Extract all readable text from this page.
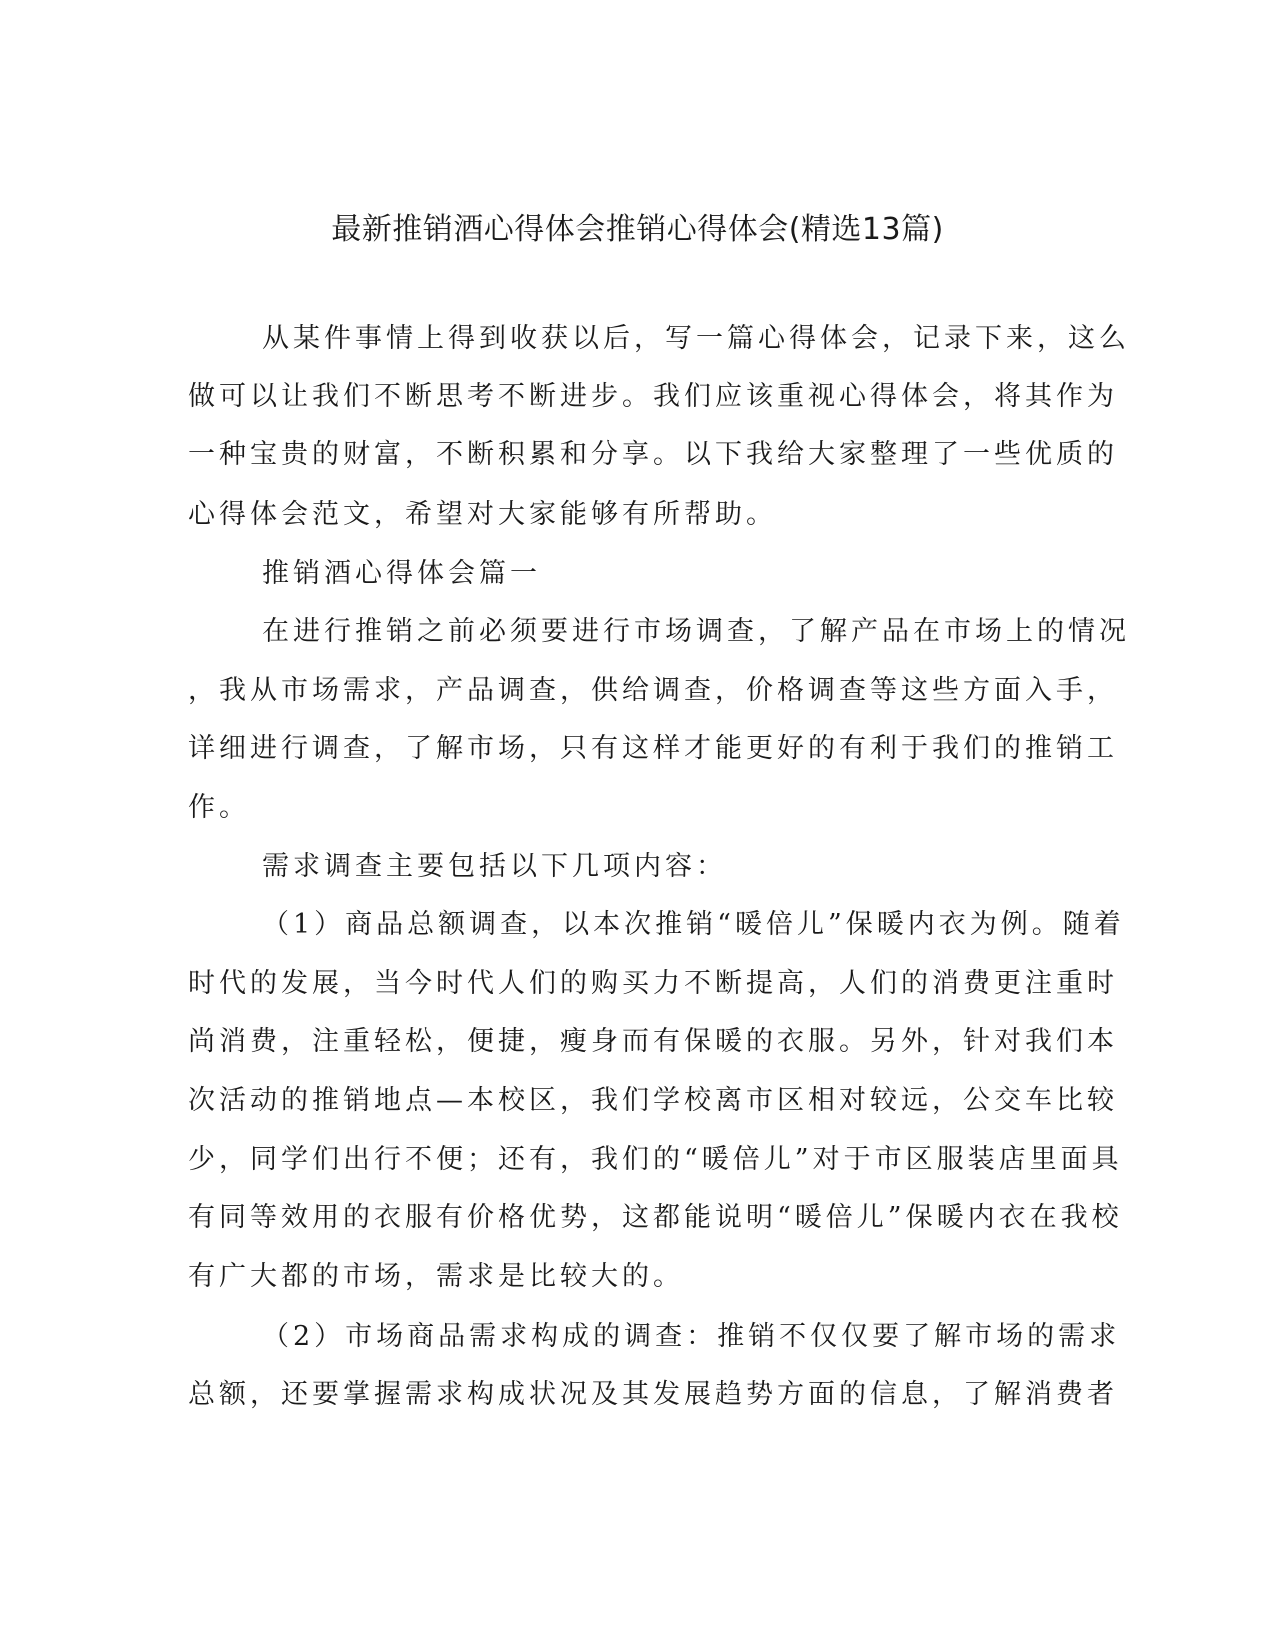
最新推销酒心得体会推销心得体会(精选13篇)
从某件事情上得到收获以后，写一篇心得体会，记录下来，这么
做可以让我们不断思考不断进步。我们应该重视心得体会，将其作为
一种宝贵的财富，不断积累和分享。以下我给大家整理了一些优质的
心得体会范文，希望对大家能够有所帮助。
推销酒心得体会篇一
在进行推销之前必须要进行市场调查，了解产品在市场上的情况
，我从市场需求，产品调查，供给调查，价格调查等这些方面入手，
详细进行调查，了解市场，只有这样才能更好的有利于我们的推销工
作。
需求调查主要包括以下几项内容：
（1）商品总额调查，以本次推销“暖倍儿”保暖内衣为例。随着
时代的发展，当今时代人们的购买力不断提高，人们的消费更注重时
尚消费，注重轻松，便捷，瘦身而有保暖的衣服。另外，针对我们本
次活动的推销地点—本校区，我们学校离市区相对较远，公交车比较
少，同学们出行不便；还有，我们的“暖倍儿”对于市区服装店里面具
有同等效用的衣服有价格优势，这都能说明“暖倍儿”保暖内衣在我校
有广大都的市场，需求是比较大的。
（2）市场商品需求构成的调查：推销不仅仅要了解市场的需求
总额，还要掌握需求构成状况及其发展趋势方面的信息，了解消费者
